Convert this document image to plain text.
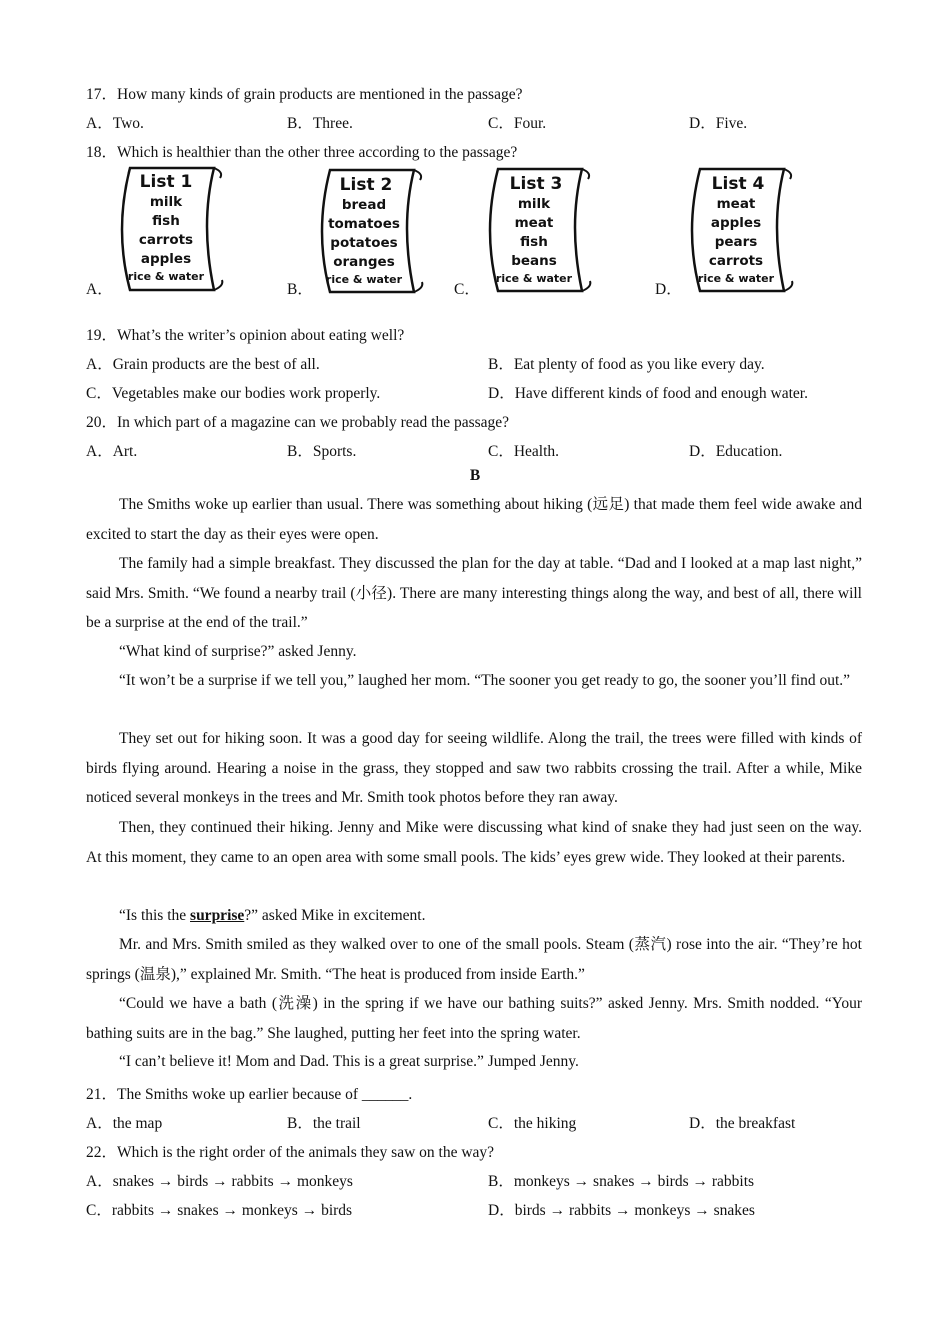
17．How many kinds of grain products are mentioned in the passage?
A．Two.	B．Three.	C．Four.	D．Five.
18．Which is healthier than the other three according to the passage?
A．	B．	C．	D．
List 1
milk
fish
carrots
apples
rice & water
List 2
bread
tomatoes
potatoes
oranges
rice & water
List 3
milk
meat
fish
beans
rice & water
List 4
meat
apples
pears
carrots
rice & water
19．What’s the writer’s opinion about eating well?
A．Grain products are the best of all.	B．Eat plenty of food as you like every day.
C．Vegetables make our bodies work properly.	D．Have different kinds of food and enough water.
20．In which part of a magazine can we probably read the passage?
A．Art.	B．Sports.	C．Health.	D．Education.
B
The Smiths woke up earlier than usual. There was something about hiking (远足) that made them feel wide awake and excited to start the day as their eyes were open.
The family had a simple breakfast. They discussed the plan for the day at table. “Dad and I looked at a map last night,” said Mrs. Smith. “We found a nearby trail (小径). There are many interesting things along the way, and best of all, there will be a surprise at the end of the trail.”
“What kind of surprise?” asked Jenny.
“It won’t be a surprise if we tell you,” laughed her mom. “The sooner you get ready to go, the sooner you’ll find out.”
They set out for hiking soon. It was a good day for seeing wildlife. Along the trail, the trees were filled with kinds of birds flying around. Hearing a noise in the grass, they stopped and saw two rabbits crossing the trail. After a while, Mike noticed several monkeys in the trees and Mr. Smith took photos before they ran away.
Then, they continued their hiking. Jenny and Mike were discussing what kind of snake they had just seen on the way. At this moment, they came to an open area with some small pools. The kids’ eyes grew wide. They looked at their parents.
“Is this the surprise?” asked Mike in excitement.
Mr. and Mrs. Smith smiled as they walked over to one of the small pools. Steam (蒸汽) rose into the air. “They’re hot springs (温泉),” explained Mr. Smith. “The heat is produced from inside Earth.”
“Could we have a bath (洗澡) in the spring if we have our bathing suits?” asked Jenny. Mrs. Smith nodded. “Your bathing suits are in the bag.” She laughed, putting her feet into the spring water.
“I can’t believe it! Mom and Dad. This is a great surprise.” Jumped Jenny.
21．The Smiths woke up earlier because of ______.
A．the map	B．the trail	C．the hiking	D．the breakfast
22．Which is the right order of the animals they saw on the way?
A．snakes → birds → rabbits → monkeys	B．monkeys → snakes → birds → rabbits
C．rabbits → snakes → monkeys → birds	D．birds → rabbits → monkeys → snakes
